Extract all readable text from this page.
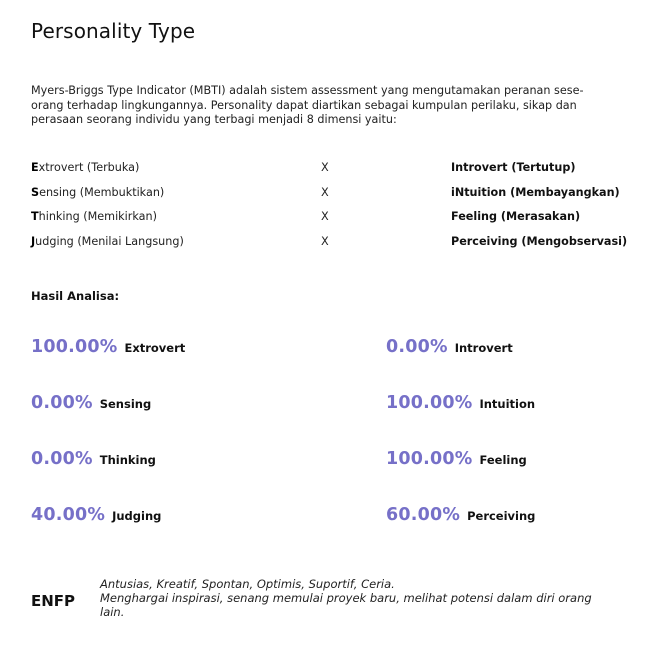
Personality Type
Myers-Briggs Type Indicator (MBTI) adalah sistem assessment yang mengutamakan peranan sese-
orang terhadap lingkungannya. Personality dapat diartikan sebagai kumpulan perilaku, sikap dan
perasaan seorang individu yang terbagi menjadi 8 dimensi yaitu:
Extrovert (Terbuka)	X	Introvert (Tertutup)
Sensing (Membuktikan)	X	iNtuition (Membayangkan)
Thinking (Memikirkan)	X	Feeling (Merasakan)
Judging (Menilai Langsung)	X	Perceiving (Mengobservasi)
Hasil Analisa:
100.00% Extrovert	0.00% Introvert
0.00% Sensing	100.00% Intuition
0.00% Thinking	100.00% Feeling
40.00% Judging	60.00% Perceiving
ENFP
Antusias, Kreatif, Spontan, Optimis, Suportif, Ceria.
Menghargai inspirasi, senang memulai proyek baru, melihat potensi dalam diri orang
lain.
